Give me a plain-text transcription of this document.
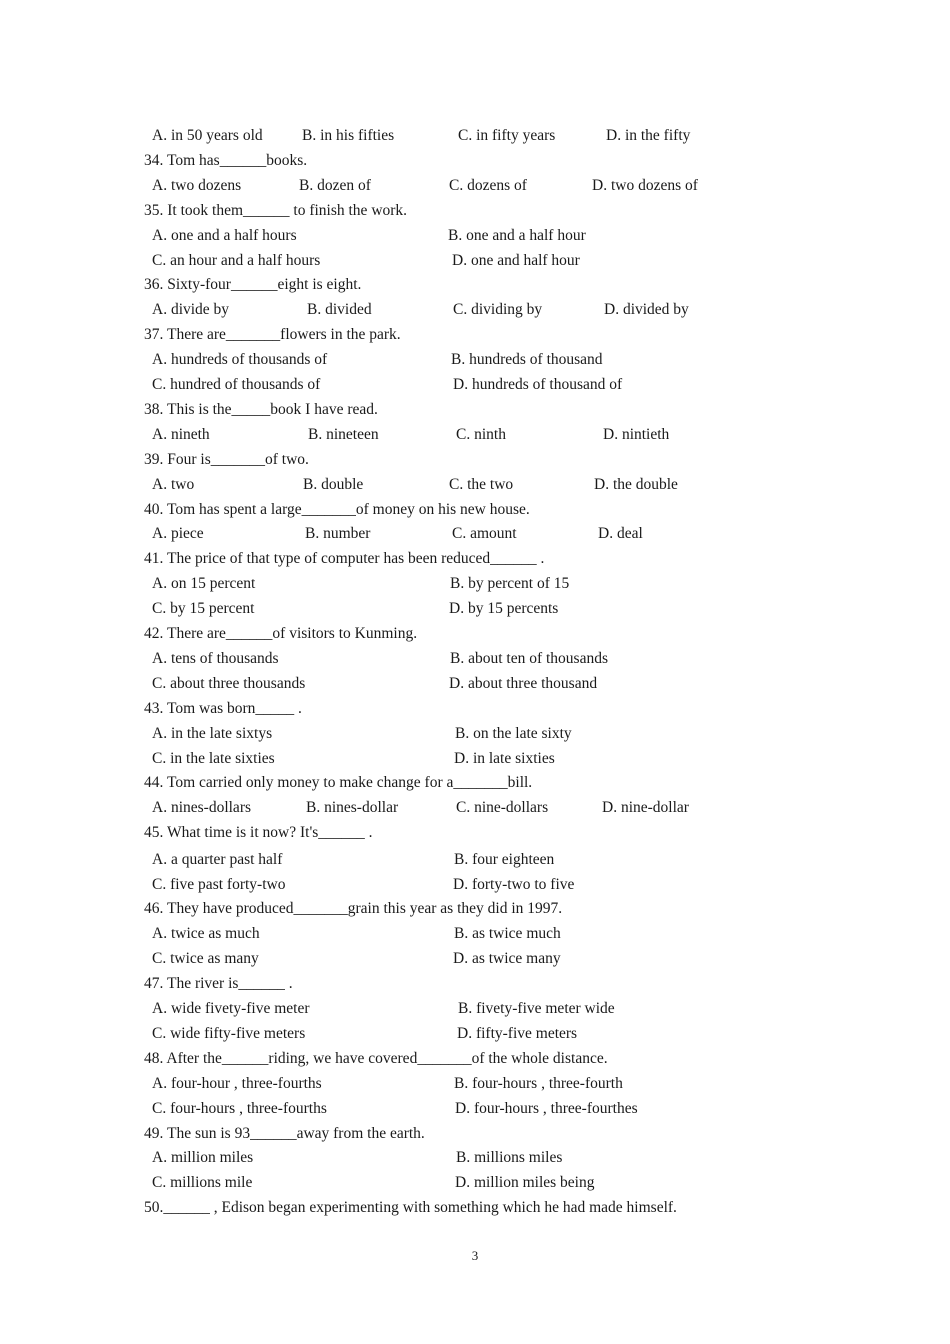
A. in 50 years old	B. in his fifties	C. in fifty years	D. in the fifty
34. Tom has______books.
A. two dozens	B. dozen of	C. dozens of	D. two dozens of
35. It took them______ to finish the work.
A. one and a half hours	B. one and a half hour
C. an hour and a half hours	D. one and half hour
36. Sixty-four______eight is eight.
A. divide by	B. divided	C. dividing by	D. divided by
37. There are_______flowers in the park.
A. hundreds of thousands of	B. hundreds of thousand
C. hundred of thousands of	D. hundreds of thousand of
38. This is the_____book I have read.
A. nineth	B. nineteen	C. ninth	D. nintieth
39. Four is_______of two.
A. two	B. double	C. the two	D. the double
40. Tom has spent a large_______of money on his new house.
A. piece	B. number	C. amount	D. deal
41. The price of that type of computer has been reduced______ .
A. on 15 percent	B. by percent of 15
C. by 15 percent	D. by 15 percents
42. There are______of visitors to Kunming.
A. tens of thousands	B. about ten of thousands
C. about three thousands	D. about three thousand
43. Tom was born_____ .
A. in the late sixtys	B. on the late sixty
C. in the late sixties	D. in late sixties
44. Tom carried only money to make change for a_______bill.
A. nines-dollars	B. nines-dollar	C. nine-dollars	D. nine-dollar
45. What time is it now? It's______ .
A. a quarter past half	B. four eighteen
C. five past forty-two	D. forty-two to five
46. They have produced_______grain this year as they did in 1997.
A. twice as much	B. as twice much
C. twice as many	D. as twice many
47. The river is______ .
A. wide fivety-five meter	B. fivety-five meter wide
C. wide fifty-five meters	D. fifty-five meters
48. After the______riding, we have covered_______of the whole distance.
A. four-hour , three-fourths	B. four-hours , three-fourth
C. four-hours , three-fourths	D. four-hours , three-fourthes
49. The sun is 93______away from the earth.
A. million miles	B. millions miles
C. millions mile	D. million miles being
50.______ , Edison began experimenting with something which he had made himself.
3
